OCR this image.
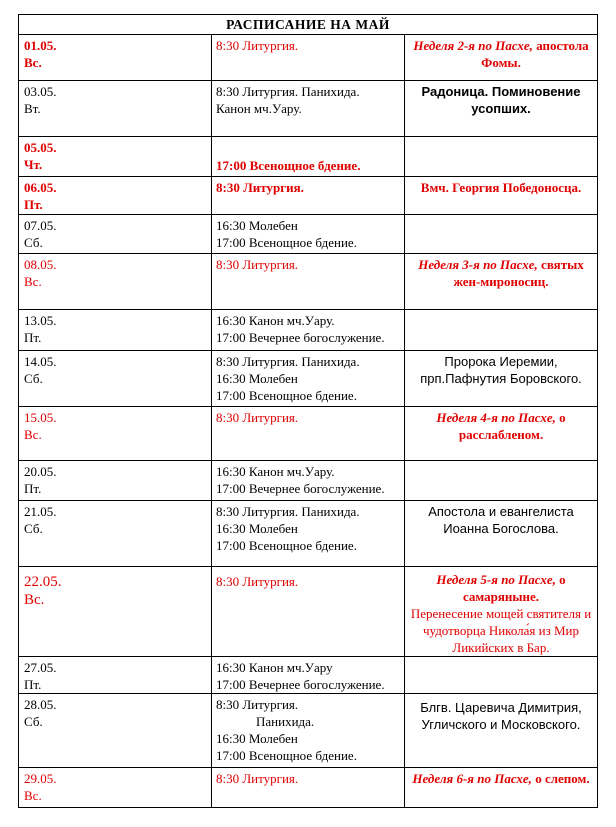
РАСПИСАНИЕ НА МАЙ		

01.05.
Вс.	8:30 Литургия.	Неделя 2-я по Пасхе, апостола Фомы.

03.05.
Вт.	8:30 Литургия. Панихида.
Канон мч.Уару.	Радоница. Поминовение усопших.

05.05.
Чт.	17:00 Всенощное бдение.	

06.05.
Пт.	8:30 Литургия.	Вмч. Георгия Победоносца.

07.05.
Сб.	16:30 Молебен
17:00 Всенощное бдение.	

08.05.
Вс.	8:30 Литургия.	Неделя 3-я по Пасхе, святых жен-мироносиц.

13.05.
Пт.	16:30 Канон мч.Уару.
17:00 Вечернее богослужение.	

14.05.
Сб.	8:30 Литургия. Панихида.
16:30 Молебен
17:00 Всенощное бдение.	Пророка Иеремии, прп.Пафнутия Боровского.

15.05.
Вс.	8:30 Литургия.	Неделя 4-я по Пасхе, о расслабленом.

20.05.
Пт.	16:30 Канон мч.Уару.
17:00 Вечернее богослужение.	

21.05.
Сб.	8:30 Литургия. Панихида.
16:30 Молебен
17:00 Всенощное бдение.	Апостола и евангелиста Иоанна Богослова.

22.05.
Вс.	8:30 Литургия.	Неделя 5-я по Пасхе, о самаряныне.
Перенесение мощей святителя и чудотворца Никола́я из Мир Ликийских в Бар.

27.05.
Пт.	16:30 Канон мч.Уару
17:00 Вечернее богослужение.	

28.05.
Сб.	8:30 Литургия.
Панихида.
16:30 Молебен
17:00 Всенощное бдение.	Блгв. Царевича Димитрия, Угличского и Московского.

29.05.
Вс.	8:30 Литургия.	Неделя 6-я по Пасхе, о слепом.
